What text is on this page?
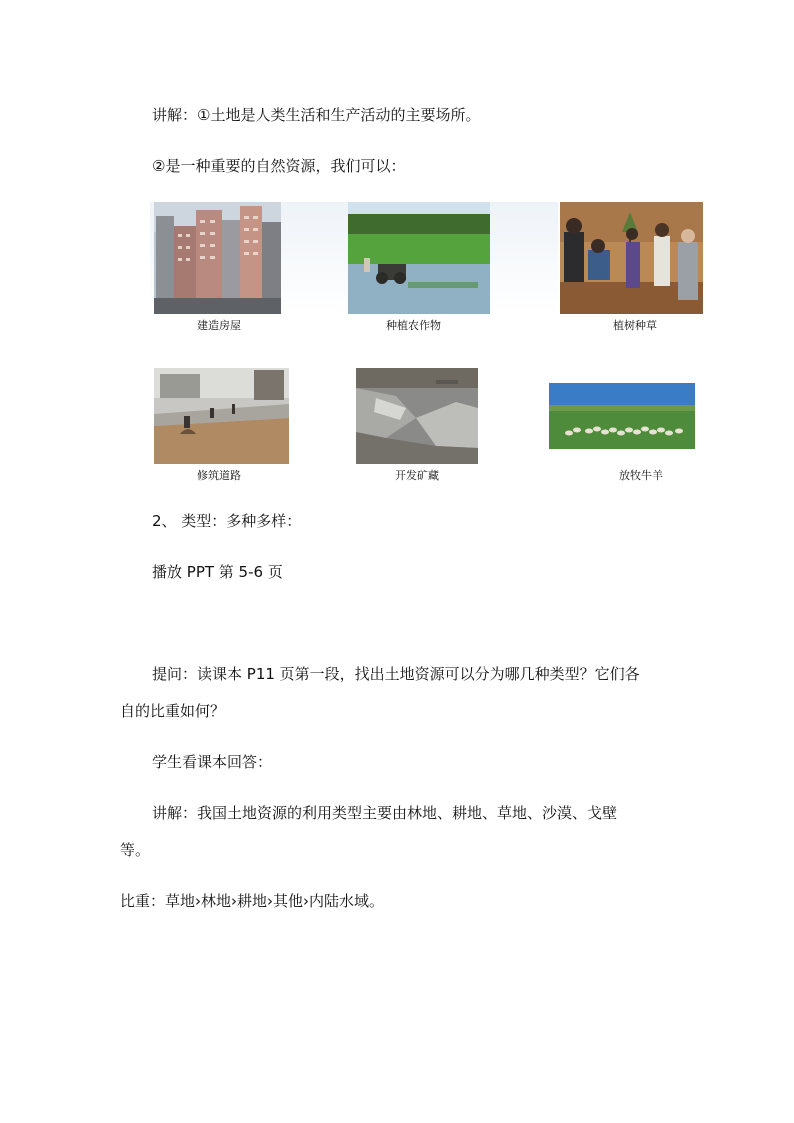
讲解：①土地是人类生活和生产活动的主要场所。
②是一种重要的自然资源，我们可以：
建造房屋	种植农作物	植树种草
修筑道路	开发矿藏	放牧牛羊
2、 类型：多种多样：
播放 PPT 第 5-6 页
提问：读课本 P11 页第一段，找出土地资源可以分为哪几种类型？它们各
自的比重如何？
学生看课本回答：
讲解：我国土地资源的利用类型主要由林地、耕地、草地、沙漠、戈壁
等。
比重：草地›林地›耕地›其他›内陆水域。
